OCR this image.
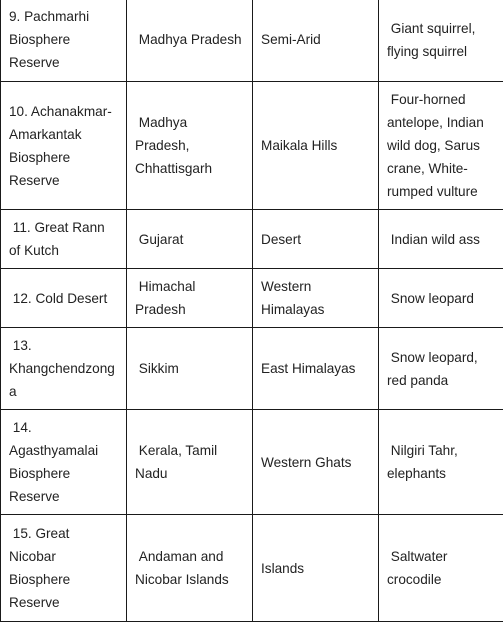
9. Pachmarhi
Biosphere
Reserve	Madhya Pradesh	Semi-Arid	Giant squirrel,
flying squirrel

10. Achanakmar-
Amarkantak
Biosphere
Reserve	Madhya
Pradesh,
Chhattisgarh	Maikala Hills	Four-horned
antelope, Indian
wild dog, Sarus
crane, White-
rumped vulture

11. Great Rann
of Kutch	Gujarat	Desert	Indian wild ass

12. Cold Desert	Himachal
Pradesh	Western
Himalayas	Snow leopard

13.
Khangchendzong
a	Sikkim	East Himalayas	Snow leopard,
red panda

14.
Agasthyamalai
Biosphere
Reserve	Kerala, Tamil
Nadu	Western Ghats	Nilgiri Tahr,
elephants

15. Great
Nicobar
Biosphere
Reserve	Andaman and
Nicobar Islands	Islands	Saltwater
crocodile
